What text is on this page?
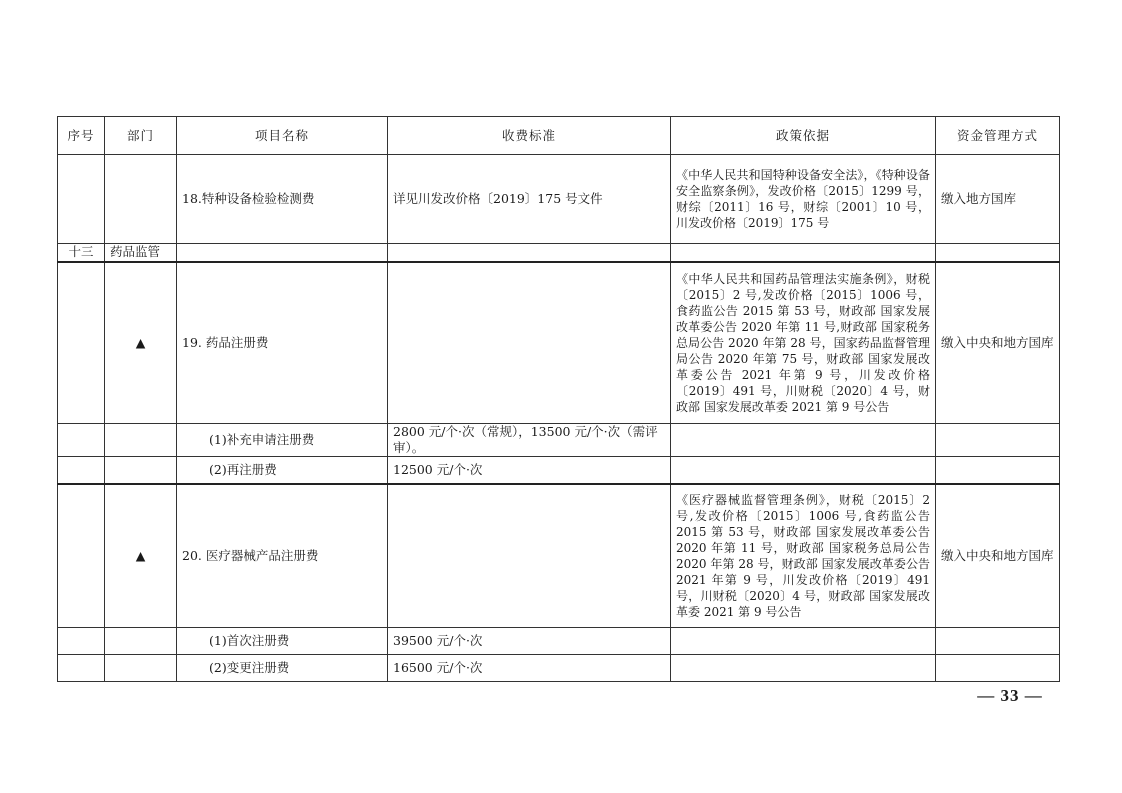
序号	部门	项目名称	收费标准	政策依据	资金管理方式
		18.特种设备检验检测费	详见川发改价格〔2019〕175 号文件	《中华人民共和国特种设备安全法》，《特种设备安全监察条例》，发改价格〔2015〕1299 号，财综〔2011〕16 号，财综〔2001〕10 号，川发改价格〔2019〕175 号	缴入地方国库
十三	药品监管				
	▲	19. 药品注册费		《中华人民共和国药品管理法实施条例》，财税〔2015〕2 号,发改价格〔2015〕1006 号，食药监公告 2015 第 53 号，财政部 国家发展改革委公告 2020 年第 11 号,财政部 国家税务总局公告 2020 年第 28 号，国家药品监督管理局公告 2020 年第 75 号，财政部 国家发展改革委公告 2021 年第 9 号，川发改价格〔2019〕491 号，川财税〔2020〕4 号，财政部 国家发展改革委 2021 第 9 号公告	缴入中央和地方国库
		(1)补充申请注册费	2800 元/个·次（常规），13500 元/个·次（需评审）。		
		(2)再注册费	12500 元/个·次		
	▲	20. 医疗器械产品注册费		《医疗器械监督管理条例》，财税〔2015〕2 号,发改价格〔2015〕1006 号,食药监公告 2015 第 53 号，财政部 国家发展改革委公告 2020 年第 11 号，财政部 国家税务总局公告 2020 年第 28 号，财政部 国家发展改革委公告 2021 年第 9 号，川发改价格〔2019〕491 号，川财税〔2020〕4 号，财政部 国家发展改革委 2021 第 9 号公告	缴入中央和地方国库
		(1)首次注册费	39500 元/个·次		
		(2)变更注册费	16500 元/个·次		
— 33 —
